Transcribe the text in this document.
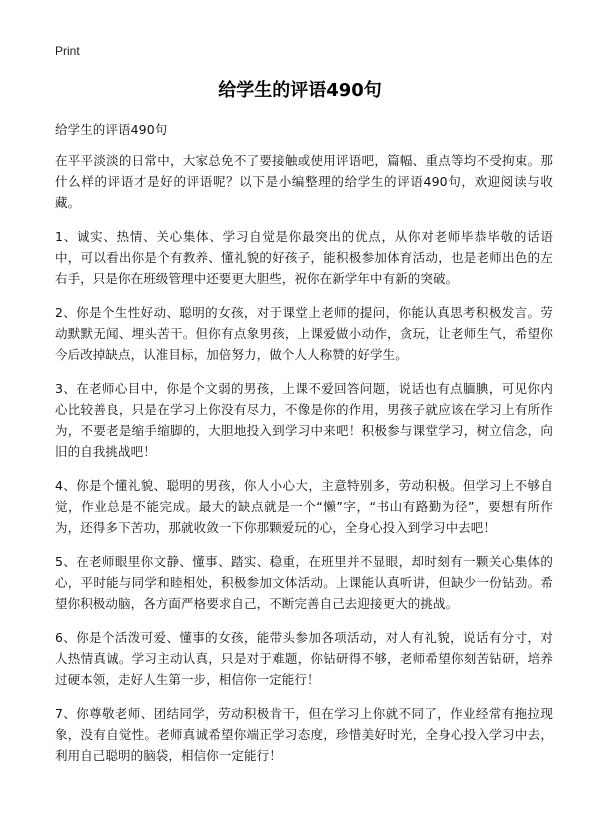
Print
给学生的评语490句

给学生的评语490句

在平平淡淡的日常中，大家总免不了要接触或使用评语吧，篇幅、重点等均不受拘束。那什么样的评语才是好的评语呢？以下是小编整理的给学生的评语490句，欢迎阅读与收藏。

1、诚实、热情、关心集体、学习自觉是你最突出的优点，从你对老师毕恭毕敬的话语中，可以看出你是个有教养、懂礼貌的好孩子，能积极参加体育活动，也是老师出色的左右手，只是你在班级管理中还要更大胆些，祝你在新学年中有新的突破。

2、你是个生性好动、聪明的女孩，对于课堂上老师的提问，你能认真思考积极发言。劳动默默无闻、埋头苦干。但你有点象男孩，上课爱做小动作，贪玩，让老师生气，希望你今后改掉缺点，认准目标，加倍努力，做个人人称赞的好学生。

3、在老师心目中，你是个文弱的男孩，上课不爱回答问题，说话也有点腼腆，可见你内心比较善良，只是在学习上你没有尽力，不像是你的作用，男孩子就应该在学习上有所作为，不要老是缩手缩脚的，大胆地投入到学习中来吧！积极参与课堂学习，树立信念，向旧的自我挑战吧！

4、你是个懂礼貌、聪明的男孩，你人小心大，主意特别多，劳动积极。但学习上不够自觉，作业总是不能完成。最大的缺点就是一个“懒”字，“书山有路勤为径”，要想有所作为，还得多下苦功，那就收敛一下你那颗爱玩的心，全身心投入到学习中去吧！

5、在老师眼里你文静、懂事、踏实、稳重，在班里并不显眼，却时刻有一颗关心集体的心，平时能与同学和睦相处，积极参加文体活动。上课能认真听讲，但缺少一份钻劲。希望你积极动脑，各方面严格要求自己，不断完善自己去迎接更大的挑战。

6、你是个活泼可爱、懂事的女孩，能带头参加各项活动，对人有礼貌，说话有分寸，对人热情真诚。学习主动认真，只是对于难题，你钻研得不够，老师希望你刻苦钻研，培养过硬本领，走好人生第一步，相信你一定能行！

7、你尊敬老师、团结同学，劳动积极肯干，但在学习上你就不同了，作业经常有拖拉现象，没有自觉性。老师真诚希望你端正学习态度，珍惜美好时光，全身心投入学习中去，利用自己聪明的脑袋，相信你一定能行！
